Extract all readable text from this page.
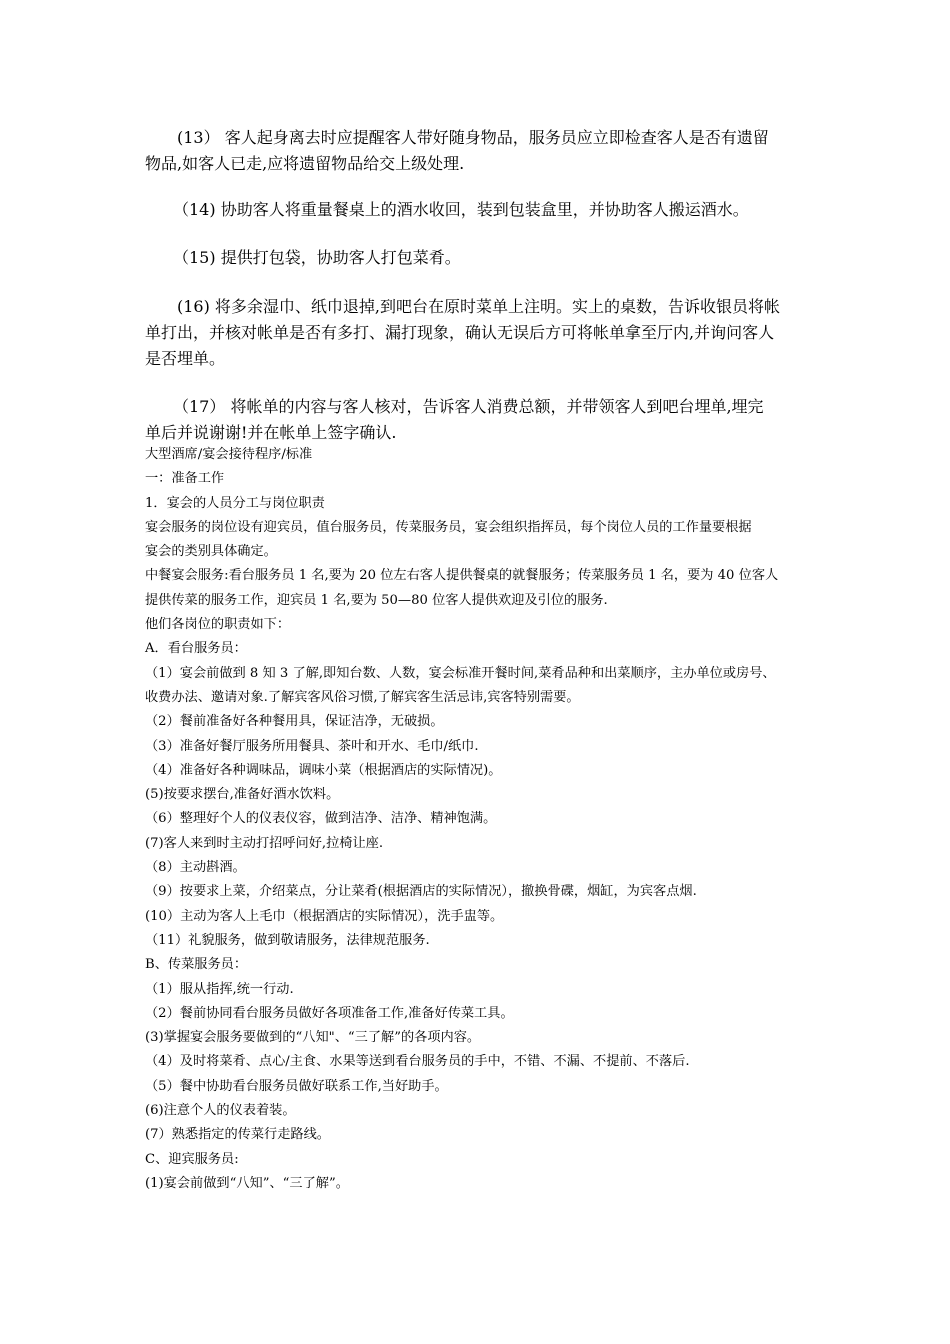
(13） 客人起身离去时应提醒客人带好随身物品，服务员应立即检查客人是否有遗留
物品,如客人已走,应将遗留物品给交上级处理.

（14) 协助客人将重量餐桌上的酒水收回，装到包装盒里，并协助客人搬运酒水。

（15) 提供打包袋，协助客人打包菜肴。

(16) 将多余湿巾、纸巾退掉,到吧台在原时菜单上注明。实上的桌数，告诉收银员将帐
单打出，并核对帐单是否有多打、漏打现象，确认无误后方可将帐单拿至厅内,并询问客人
是否埋单。

（17） 将帐单的内容与客人核对，告诉客人消费总额，并带领客人到吧台埋单,埋完
单后并说谢谢!并在帐单上签字确认.

大型酒席/宴会接待程序/标准
一：准备工作
1．宴会的人员分工与岗位职责
宴会服务的岗位设有迎宾员，值台服务员，传菜服务员，宴会组织指挥员，每个岗位人员的工作量要根据
宴会的类别具体确定。
中餐宴会服务:看台服务员 1 名,要为 20 位左右客人提供餐桌的就餐服务；传菜服务员 1 名，要为 40 位客人
提供传菜的服务工作，迎宾员 1 名,要为 50—80 位客人提供欢迎及引位的服务.
他们各岗位的职责如下：
A．看台服务员：
（1）宴会前做到 8 知 3 了解,即知台数、人数，宴会标准开餐时间,菜肴品种和出菜顺序，主办单位或房号、
收费办法、邀请对象.了解宾客风俗习惯,了解宾客生活忌讳,宾客特别需要。
（2）餐前准备好各种餐用具，保证洁净，无破损。
（3）准备好餐厅服务所用餐具、茶叶和开水、毛巾/纸巾.
（4）准备好各种调味品，调味小菜（根据酒店的实际情况)。
(5)按要求摆台,准备好酒水饮料。
（6）整理好个人的仪表仪容，做到洁净、洁净、精神饱满。
(7)客人来到时主动打招呼问好,拉椅让座.
（8）主动斟酒。
（9）按要求上菜，介绍菜点，分让菜肴(根据酒店的实际情况），撤换骨碟，烟缸，为宾客点烟.
(10）主动为客人上毛巾（根据酒店的实际情况），洗手盅等。
（11）礼貌服务，做到敬请服务，法律规范服务.
B、传菜服务员：
（1）服从指挥,统一行动.
（2）餐前协同看台服务员做好各项准备工作,准备好传菜工具。
(3)掌握宴会服务要做到的“八知"、“三了解”的各项内容。
（4）及时将菜肴、点心/主食、水果等送到看台服务员的手中，不错、不漏、不提前、不落后.
（5）餐中协助看台服务员做好联系工作,当好助手。
(6)注意个人的仪表着装。
(7）熟悉指定的传菜行走路线。
C、迎宾服务员:
(1)宴会前做到“八知”、“三了解”。
